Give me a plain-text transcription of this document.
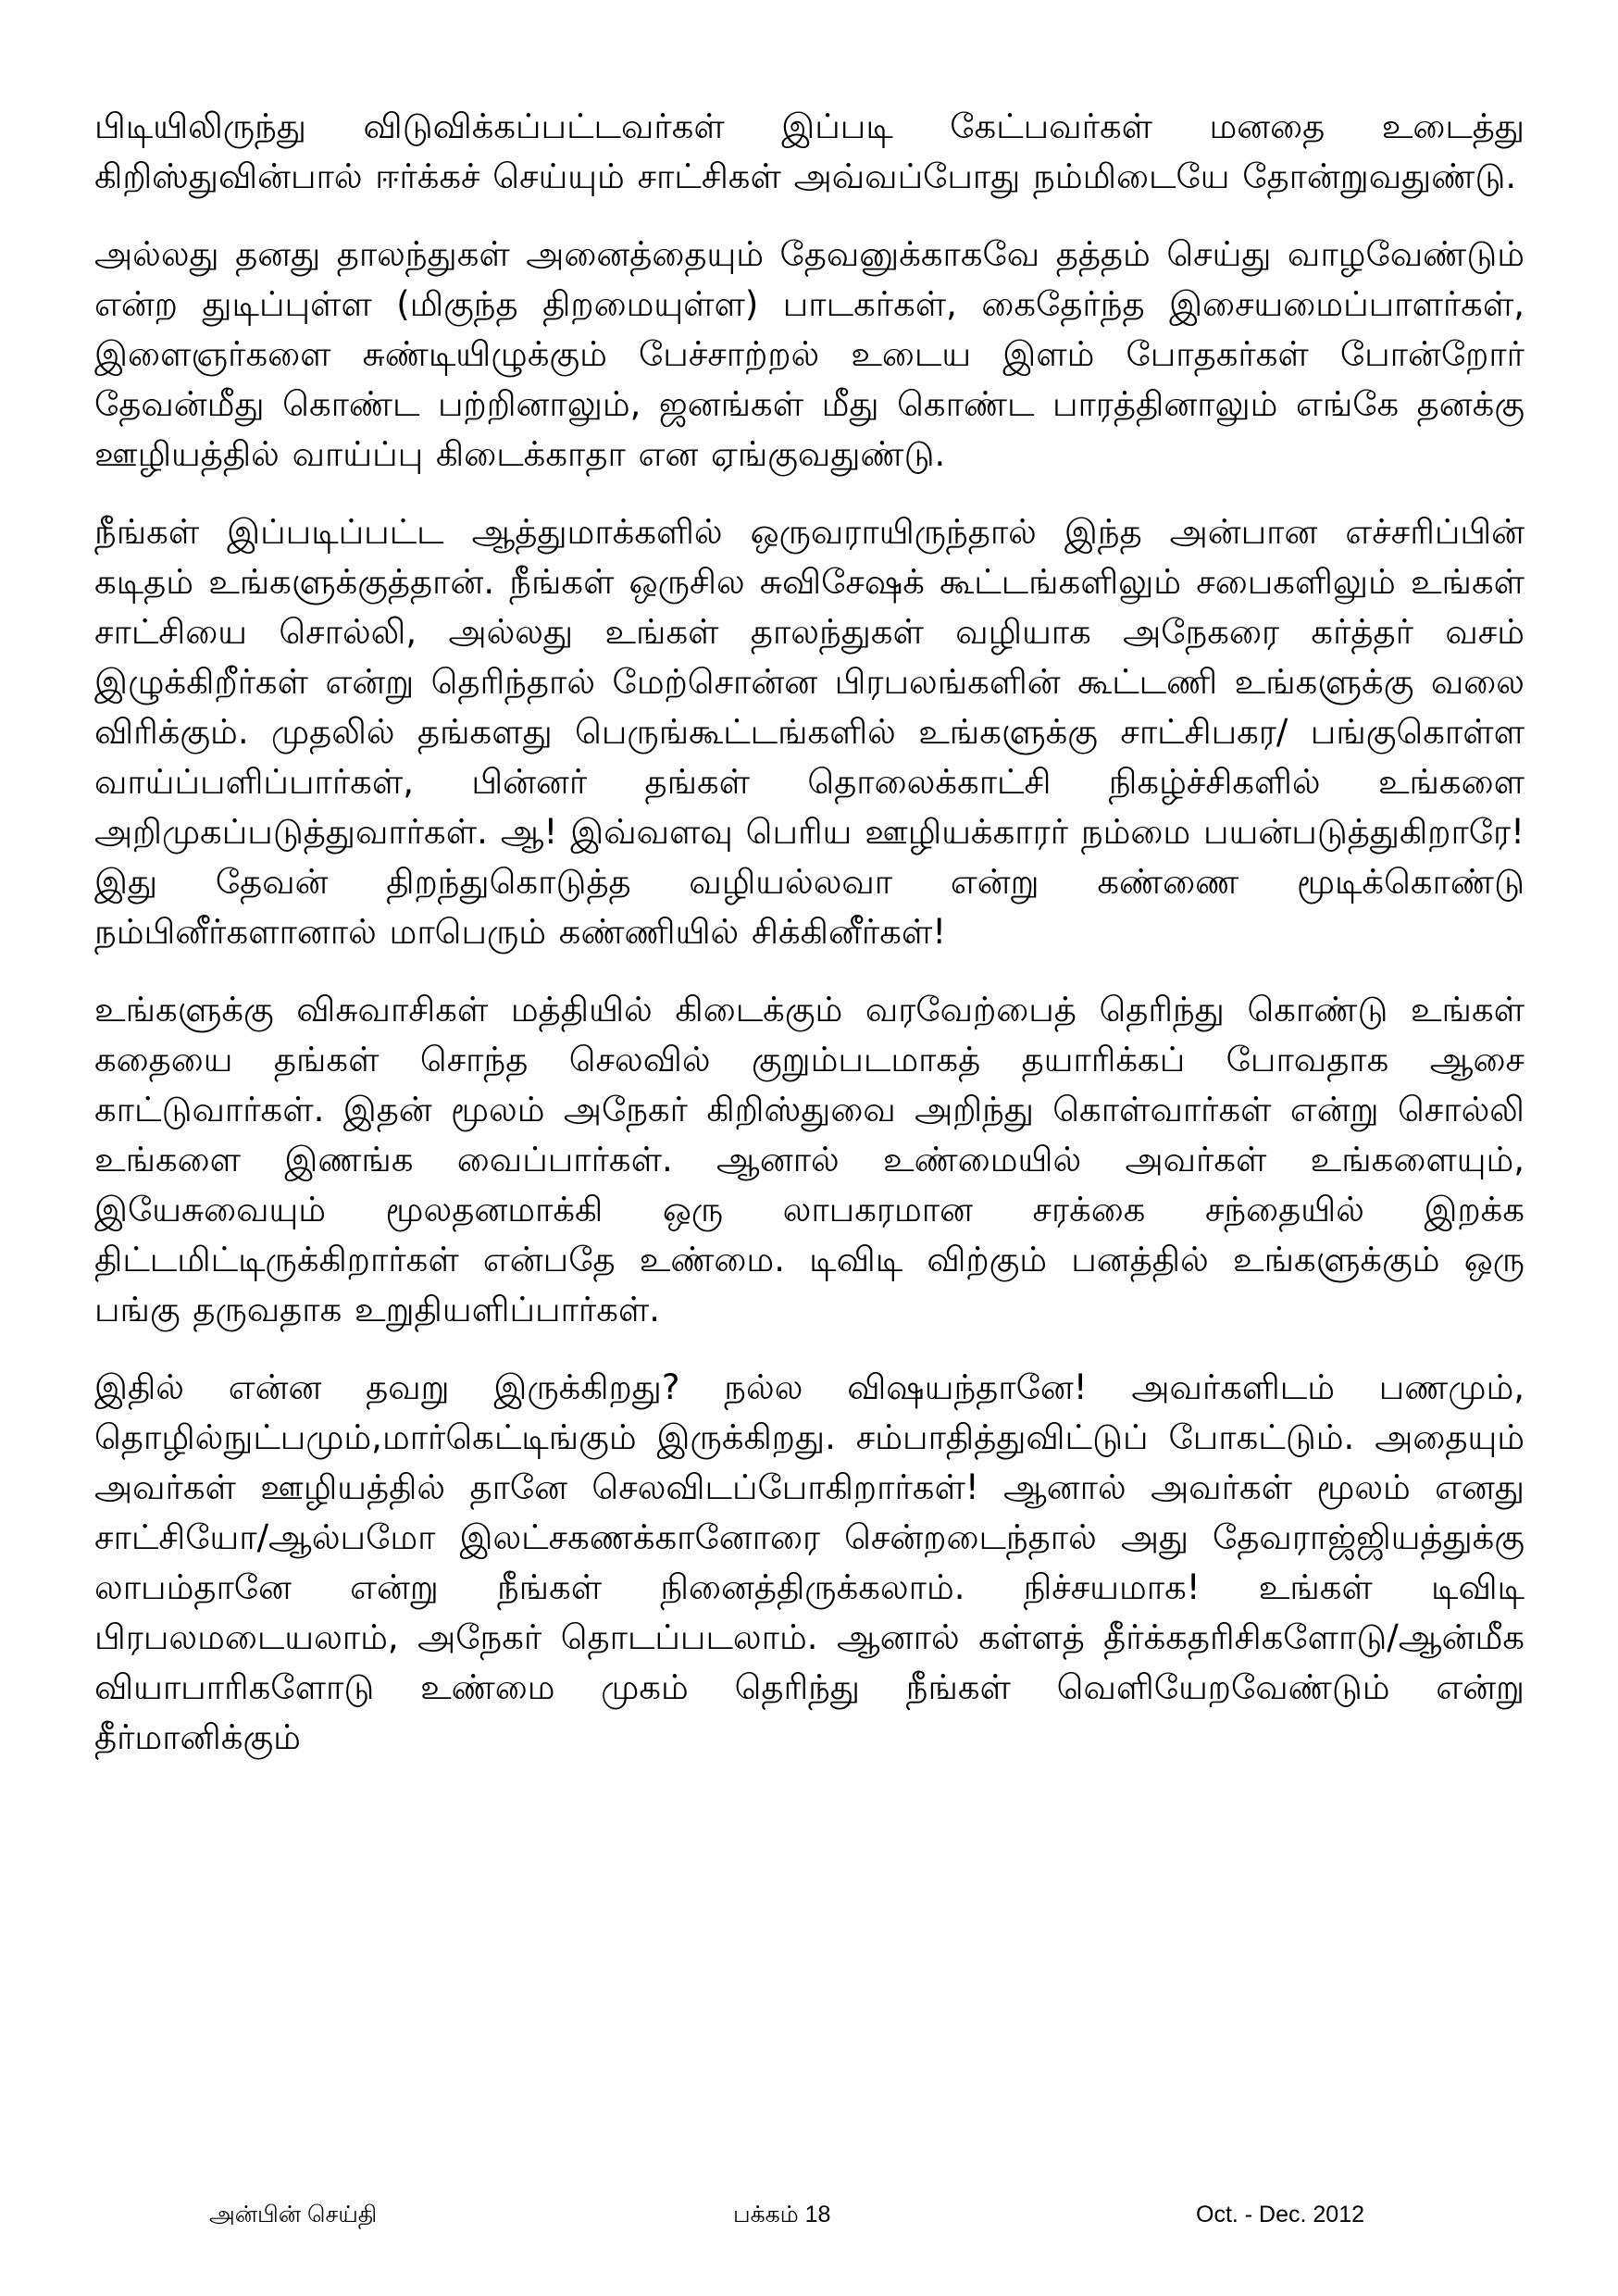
பிடியிலிருந்து விடுவிக்கப்பட்டவர்கள் இப்படி கேட்பவர்கள் மனதை உடைத்து கிறிஸ்துவின்பால் ஈர்க்கச் செய்யும் சாட்சிகள் அவ்வப்போது நம்மிடையே தோன்றுவதுண்டு.

அல்லது தனது தாலந்துகள் அனைத்தையும் தேவனுக்காகவே தத்தம் செய்து வாழவேண்டும் என்ற துடிப்புள்ள (மிகுந்த திறமையுள்ள) பாடகர்கள், கைதேர்ந்த இசையமைப்பாளர்கள், இளைஞர்களை சுண்டியிழுக்கும் பேச்சாற்றல் உடைய இளம் போதகர்கள் போன்றோர் தேவன்மீது கொண்ட பற்றினாலும், ஜனங்கள் மீது கொண்ட பாரத்தினாலும் எங்கே தனக்கு ஊழியத்தில் வாய்ப்பு கிடைக்காதா என ஏங்குவதுண்டு.

நீங்கள் இப்படிப்பட்ட ஆத்துமாக்களில் ஒருவராயிருந்தால் இந்த அன்பான எச்சரிப்பின் கடிதம் உங்களுக்குத்தான். நீங்கள் ஒருசில சுவிசேஷக் கூட்டங்களிலும் சபைகளிலும் உங்கள் சாட்சியை சொல்லி, அல்லது உங்கள் தாலந்துகள் வழியாக அநேகரை கர்த்தர் வசம் இழுக்கிறீர்கள் என்று தெரிந்தால் மேற்சொன்ன பிரபலங்களின் கூட்டணி உங்களுக்கு வலை விரிக்கும். முதலில் தங்களது பெருங்கூட்டங்களில் உங்களுக்கு சாட்சிபகர/ பங்குகொள்ள வாய்ப்பளிப்பார்கள், பின்னர் தங்கள் தொலைக்காட்சி நிகழ்ச்சிகளில் உங்களை அறிமுகப்படுத்துவார்கள். ஆ! இவ்வளவு பெரிய ஊழியக்காரர் நம்மை பயன்படுத்துகிறாரே! இது தேவன் திறந்துகொடுத்த வழியல்லவா என்று கண்ணை மூடிக்கொண்டு நம்பினீர்களானால் மாபெரும் கண்ணியில் சிக்கினீர்கள்!

உங்களுக்கு விசுவாசிகள் மத்தியில் கிடைக்கும் வரவேற்பைத் தெரிந்து கொண்டு உங்கள் கதையை தங்கள் சொந்த செலவில் குறும்படமாகத் தயாரிக்கப் போவதாக ஆசை காட்டுவார்கள். இதன் மூலம் அநேகர் கிறிஸ்துவை அறிந்து கொள்வார்கள் என்று சொல்லி உங்களை இணங்க வைப்பார்கள். ஆனால் உண்மையில் அவர்கள் உங்களையும், இயேசுவையும் மூலதனமாக்கி ஒரு லாபகரமான சரக்கை சந்தையில் இறக்க திட்டமிட்டிருக்கிறார்கள் என்பதே உண்மை. டிவிடி விற்கும் பனத்தில் உங்களுக்கும் ஒரு பங்கு தருவதாக உறுதியளிப்பார்கள்.

இதில் என்ன தவறு இருக்கிறது? நல்ல விஷயந்தானே! அவர்களிடம் பணமும், தொழில்நுட்பமும்,மார்கெட்டிங்கும் இருக்கிறது. சம்பாதித்துவிட்டுப் போகட்டும். அதையும் அவர்கள் ஊழியத்தில் தானே செலவிடப்போகிறார்கள்! ஆனால் அவர்கள் மூலம் எனது சாட்சியோ/ஆல்பமோ இலட்சகணக்கானோரை சென்றடைந்தால் அது தேவராஜ்ஜியத்துக்கு லாபம்தானே என்று நீங்கள் நினைத்திருக்கலாம். நிச்சயமாக! உங்கள் டிவிடி பிரபலமடையலாம், அநேகர் தொடப்படலாம். ஆனால் கள்ளத் தீர்க்கதரிசிகளோடு/ஆன்மீக வியாபாரிகளோடு உண்மை முகம் தெரிந்து நீங்கள் வெளியேறவேண்டும் என்று தீர்மானிக்கும்

அன்பின் செய்தி	பக்கம் 18	Oct. - Dec. 2012
